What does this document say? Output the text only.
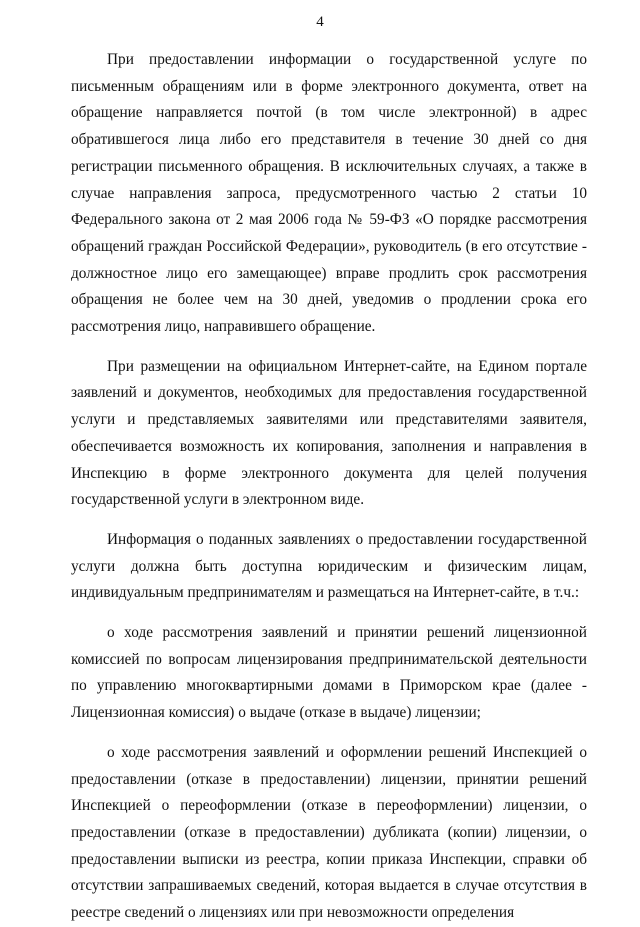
4

При предоставлении информации о государственной услуге по письменным обращениям или в форме электронного документа, ответ на обращение направляется почтой (в том числе электронной) в адрес обратившегося лица либо его представителя в течение 30 дней со дня регистрации письменного обращения. В исключительных случаях, а также в случае направления запроса, предусмотренного частью 2 статьи 10 Федерального закона от 2 мая 2006 года № 59-ФЗ «О порядке рассмотрения обращений граждан Российской Федерации», руководитель (в его отсутствие - должностное лицо его замещающее) вправе продлить срок рассмотрения обращения не более чем на 30 дней, уведомив о продлении срока его рассмотрения лицо, направившего обращение.

При размещении на официальном Интернет-сайте, на Едином портале заявлений и документов, необходимых для предоставления государственной услуги и представляемых заявителями или представителями заявителя, обеспечивается возможность их копирования, заполнения и направления в Инспекцию в форме электронного документа для целей получения государственной услуги в электронном виде.

Информация о поданных заявлениях о предоставлении государственной услуги должна быть доступна юридическим и физическим лицам, индивидуальным предпринимателям и размещаться на Интернет-сайте, в т.ч.:

о ходе рассмотрения заявлений и принятии решений лицензионной комиссией по вопросам лицензирования предпринимательской деятельности по управлению многоквартирными домами в Приморском крае (далее - Лицензионная комиссия) о выдаче (отказе в выдаче) лицензии;

о ходе рассмотрения заявлений и оформлении решений Инспекцией о предоставлении (отказе в предоставлении) лицензии, принятии решений Инспекцией о переоформлении (отказе в переоформлении) лицензии, о предоставлении (отказе в предоставлении) дубликата (копии) лицензии, о предоставлении выписки из реестра, копии приказа Инспекции, справки об отсутствии запрашиваемых сведений, которая выдается в случае отсутствия в реестре сведений о лицензиях или при невозможности определения
